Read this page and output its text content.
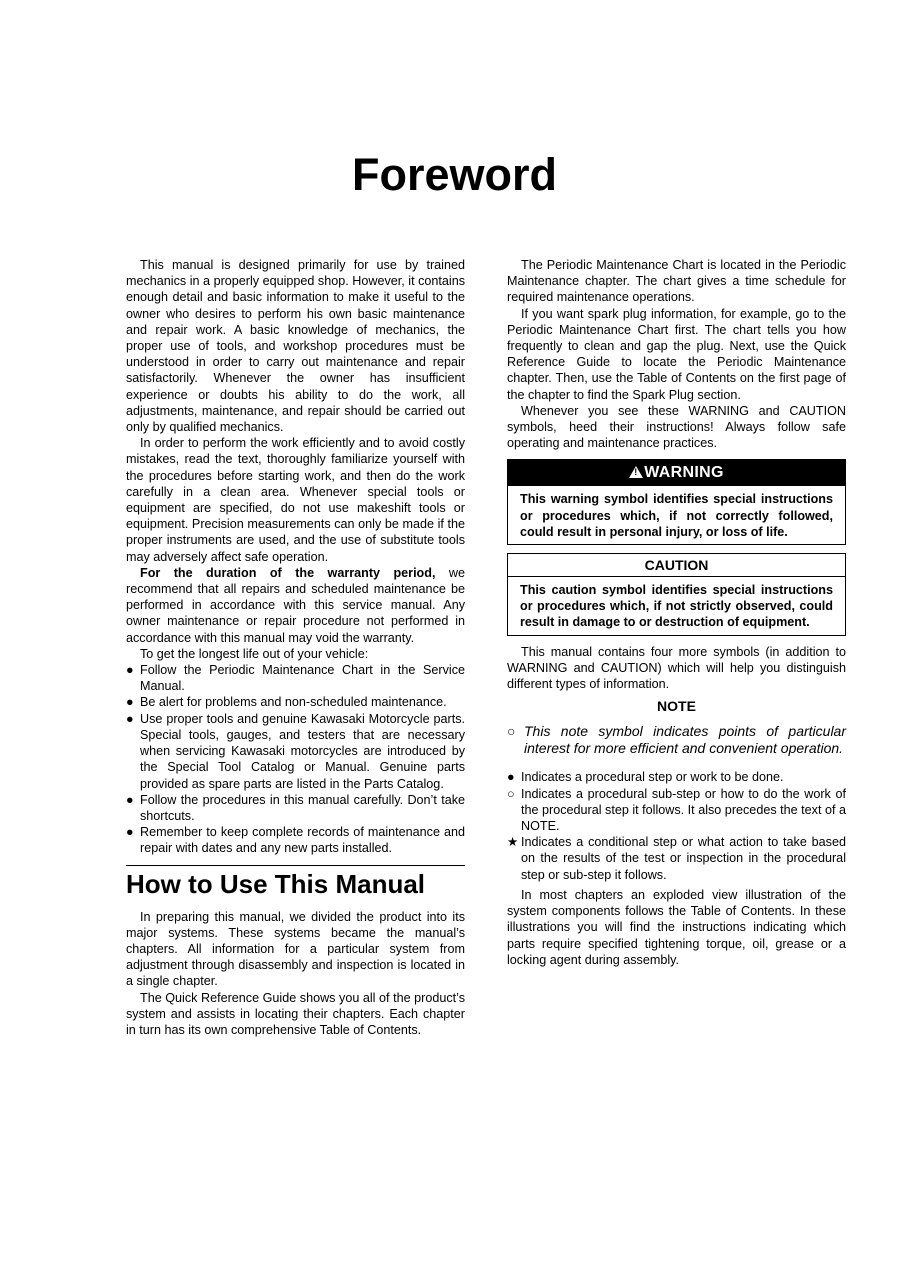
Foreword

This manual is designed primarily for use by trained mechanics in a properly equipped shop. However, it contains enough detail and basic information to make it useful to the owner who desires to perform his own basic maintenance and repair work. A basic knowledge of mechanics, the proper use of tools, and workshop procedures must be understood in order to carry out maintenance and repair satisfactorily. Whenever the owner has insufficient experience or doubts his ability to do the work, all adjustments, maintenance, and repair should be carried out only by qualified mechanics.

In order to perform the work efficiently and to avoid costly mistakes, read the text, thoroughly familiarize yourself with the procedures before starting work, and then do the work carefully in a clean area. Whenever special tools or equipment are specified, do not use makeshift tools or equipment. Precision measurements can only be made if the proper instruments are used, and the use of substitute tools may adversely affect safe operation.

For the duration of the warranty period, we recommend that all repairs and scheduled maintenance be performed in accordance with this service manual. Any owner maintenance or repair procedure not performed in accordance with this manual may void the warranty.

To get the longest life out of your vehicle:

● Follow the Periodic Maintenance Chart in the Service Manual.
● Be alert for problems and non-scheduled maintenance.
● Use proper tools and genuine Kawasaki Motorcycle parts. Special tools, gauges, and testers that are necessary when servicing Kawasaki motorcycles are introduced by the Special Tool Catalog or Manual. Genuine parts provided as spare parts are listed in the Parts Catalog.
● Follow the procedures in this manual carefully. Don’t take shortcuts.
● Remember to keep complete records of maintenance and repair with dates and any new parts installed.
How to Use This Manual

In preparing this manual, we divided the product into its major systems. These systems became the manual’s chapters. All information for a particular system from adjustment through disassembly and inspection is located in a single chapter.

The Quick Reference Guide shows you all of the product’s system and assists in locating their chapters. Each chapter in turn has its own comprehensive Table of Contents.

The Periodic Maintenance Chart is located in the Periodic Maintenance chapter. The chart gives a time schedule for required maintenance operations.

If you want spark plug information, for example, go to the Periodic Maintenance Chart first. The chart tells you how frequently to clean and gap the plug. Next, use the Quick Reference Guide to locate the Periodic Maintenance chapter. Then, use the Table of Contents on the first page of the chapter to find the Spark Plug section.

Whenever you see these WARNING and CAUTION symbols, heed their instructions! Always follow safe operating and maintenance practices.

!WARNING
This warning symbol identifies special instructions or procedures which, if not correctly followed, could result in personal injury, or loss of life.
CAUTION
This caution symbol identifies special instructions or procedures which, if not strictly observed, could result in damage to or destruction of equipment.

This manual contains four more symbols (in addition to WARNING and CAUTION) which will help you distinguish different types of information.

NOTE
○ This note symbol indicates points of particular interest for more efficient and convenient operation.
● Indicates a procedural step or work to be done.
○ Indicates a procedural sub-step or how to do the work of the procedural step it follows. It also precedes the text of a NOTE.
★ Indicates a conditional step or what action to take based on the results of the test or inspection in the procedural step or sub-step it follows.

In most chapters an exploded view illustration of the system components follows the Table of Contents. In these illustrations you will find the instructions indicating which parts require specified tightening torque, oil, grease or a locking agent during assembly.
